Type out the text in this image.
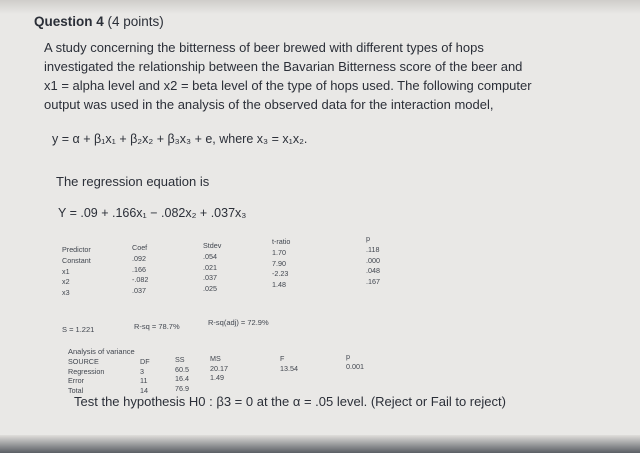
Question 4 (4 points)
A study concerning the bitterness of beer brewed with different types of hops
investigated the relationship between the Bavarian Bitterness score of the beer and
x1 = alpha level and x2 = beta level of the type of hops used. The following computer
output was used in the analysis of the observed data for the interaction model,
y = α + β₁x₁ + β₂x₂ + β₃x₃ + e, where x₃ = x₁x₂.
The regression equation is
Y = .09 + .166x₁ − .082x₂ + .037x₃
Predictor
Constant
x1
x2
x3
Coef
.092
.166
-.082
.037
Stdev
.054
.021
.037
.025
t-ratio
1.70
7.90
-2.23
1.48
p
.118
.000
.048
.167
S = 1.221	R-sq = 78.7%	R-sq(adj) = 72.9%
Analysis of variance
SOURCE
Regression
Error
Total
DF
3
11
14
SS
60.5
16.4
76.9
MS
20.17
1.49
F
13.54
p
0.001
Test the hypothesis H0 : β3 = 0 at the α = .05 level. (Reject or Fail to reject)
